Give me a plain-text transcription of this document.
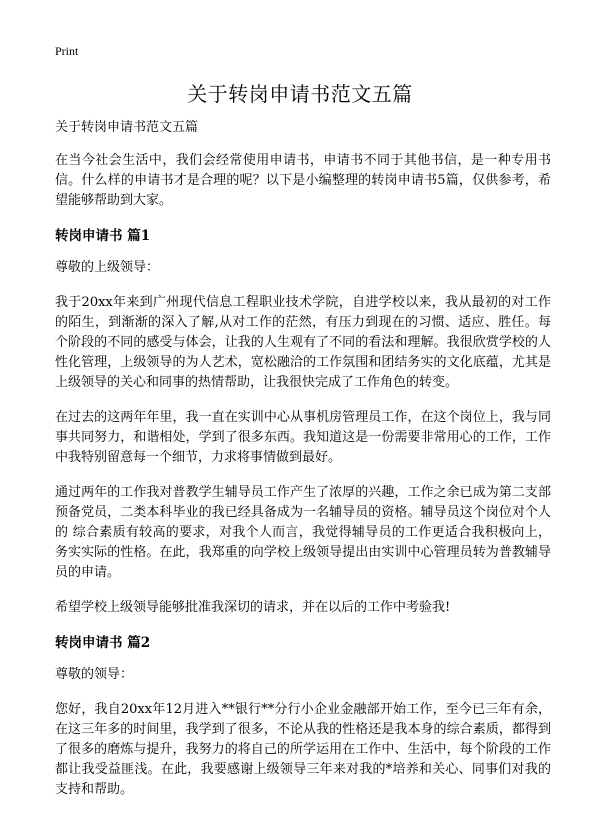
Print
关于转岗申请书范文五篇

关于转岗申请书范文五篇

在当今社会生活中，我们会经常使用申请书，申请书不同于其他书信，是一种专用书信。什么样的申请书才是合理的呢？以下是小编整理的转岗申请书5篇，仅供参考，希望能够帮助到大家。

转岗申请书 篇1

尊敬的上级领导：

我于20xx年来到广州现代信息工程职业技术学院，自进学校以来，我从最初的对工作的陌生，到渐渐的深入了解,从对工作的茫然，有压力到现在的习惯、适应、胜任。每个阶段的不同的感受与体会，让我的人生观有了不同的看法和理解。我很欣赏学校的人性化管理，上级领导的为人艺术，宽松融洽的工作氛围和团结务实的文化底蕴，尤其是上级领导的关心和同事的热情帮助，让我很快完成了工作角色的转变。

在过去的这两年年里，我一直在实训中心从事机房管理员工作，在这个岗位上，我与同事共同努力，和谐相处，学到了很多东西。我知道这是一份需要非常用心的工作，工作中我特别留意每一个细节，力求将事情做到最好。

通过两年的工作我对普教学生辅导员工作产生了浓厚的兴趣，工作之余已成为第二支部预备党员，二类本科毕业的我已经具备成为一名辅导员的资格。辅导员这个岗位对个人的 综合素质有较高的要求，对我个人而言，我觉得辅导员的工作更适合我积极向上，务实实际的性格。在此，我郑重的向学校上级领导提出由实训中心管理员转为普教辅导员的申请。

希望学校上级领导能够批准我深切的请求，并在以后的工作中考验我!

转岗申请书 篇2

尊敬的领导：

您好，我自20xx年12月进入**银行**分行小企业金融部开始工作，至今已三年有余，在这三年多的时间里，我学到了很多，不论从我的性格还是我本身的综合素质，都得到了很多的磨炼与提升，我努力的将自己的所学运用在工作中、生活中，每个阶段的工作都让我受益匪浅。在此，我要感谢上级领导三年来对我的*培养和关心、同事们对我的支持和帮助。
